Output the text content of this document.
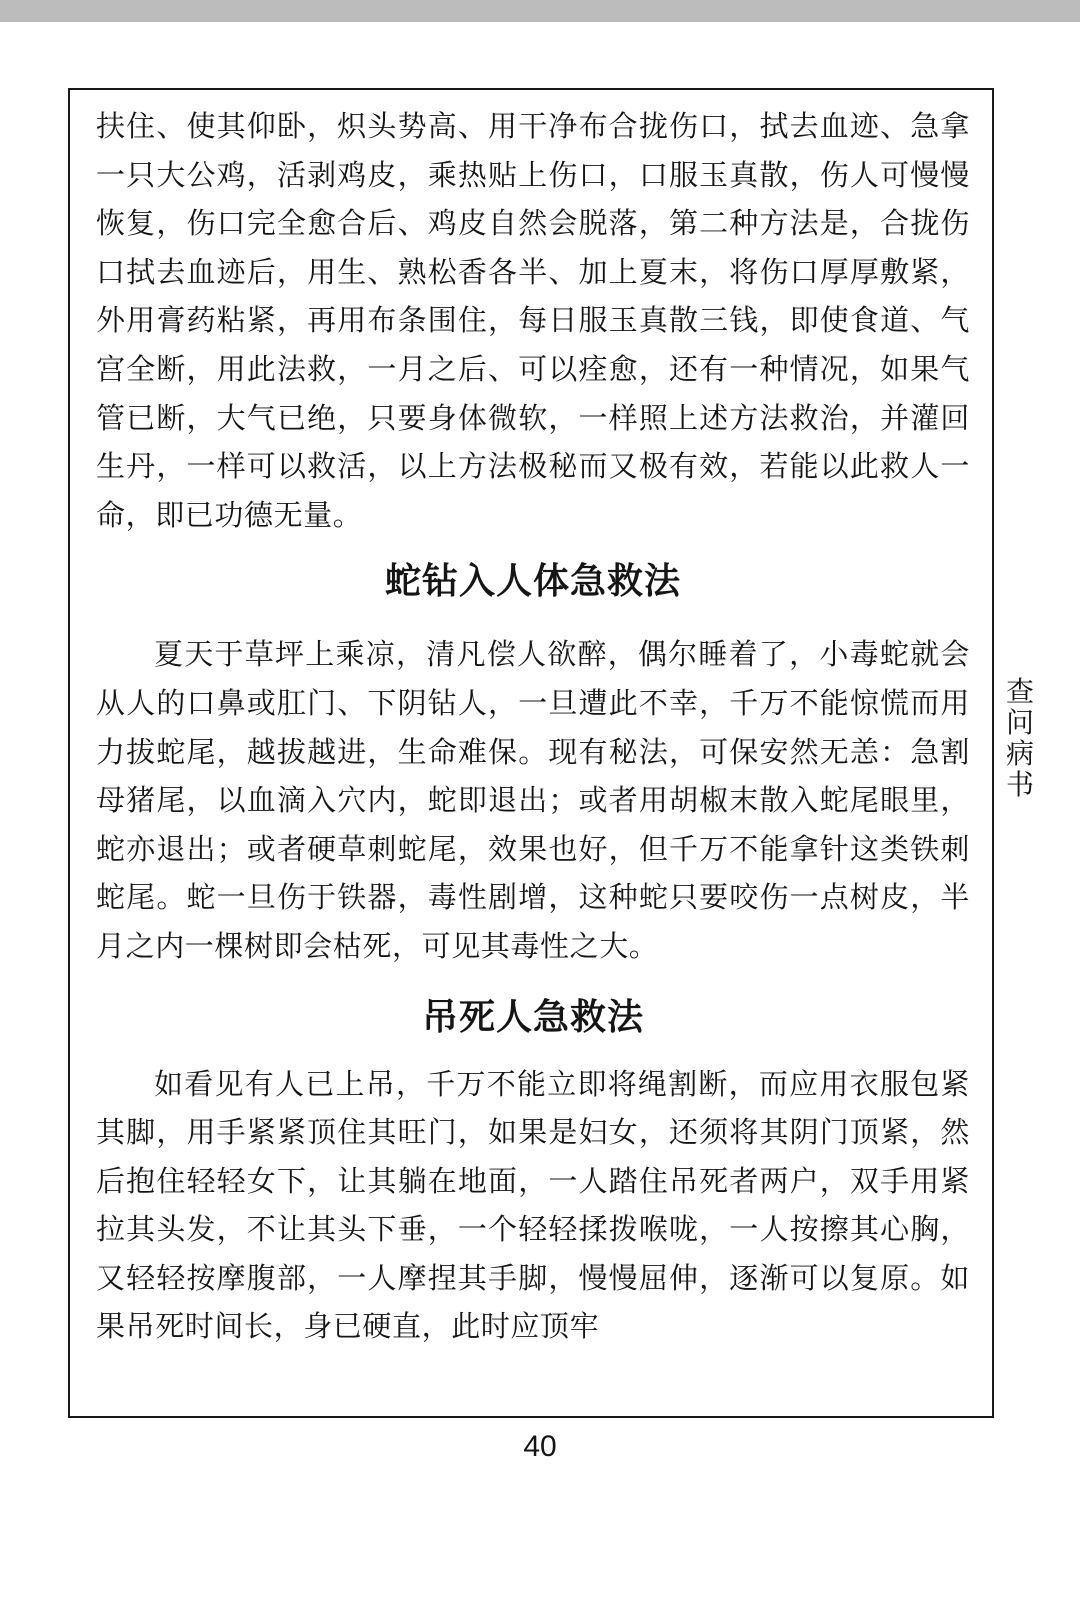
扶住、使其仰卧，炽头势高、用干净布合拢伤口，拭去血迹、急拿一只大公鸡，活剥鸡皮，乘热贴上伤口，口服玉真散，伤人可慢慢恢复，伤口完全愈合后、鸡皮自然会脱落，第二种方法是，合拢伤口拭去血迹后，用生、熟松香各半、加上夏末，将伤口厚厚敷紧，外用膏药粘紧，再用布条围住，每日服玉真散三钱，即使食道、气宫全断，用此法救，一月之后、可以痊愈，还有一种情况，如果气管已断，大气已绝，只要身体微软，一样照上述方法救治，并灌回生丹，一样可以救活，以上方法极秘而又极有效，若能以此救人一命，即已功德无量。

蛇钻入人体急救法

夏天于草坪上乘凉，清凡偿人欲醉，偶尔睡着了，小毒蛇就会从人的口鼻或肛门、下阴钻人，一旦遭此不幸，千万不能惊慌而用力拔蛇尾，越拔越进，生命难保。现有秘法，可保安然无恙：急割母猪尾，以血滴入穴内，蛇即退出；或者用胡椒末散入蛇尾眼里，蛇亦退出；或者硬草刺蛇尾，效果也好，但千万不能拿针这类铁刺蛇尾。蛇一旦伤于铁器，毒性剧增，这种蛇只要咬伤一点树皮，半月之内一棵树即会枯死，可见其毒性之大。

吊死人急救法

如看见有人已上吊，千万不能立即将绳割断，而应用衣服包紧其脚，用手紧紧顶住其旺门，如果是妇女，还须将其阴门顶紧，然后抱住轻轻女下，让其躺在地面，一人踏住吊死者两户，双手用紧拉其头发，不让其头下垂，一个轻轻揉拨喉咙，一人按擦其心胸，又轻轻按摩腹部，一人摩捏其手脚，慢慢屈伸，逐渐可以复原。如果吊死时间长，身已硬直，此时应顶牢

查
问
病
书
40
